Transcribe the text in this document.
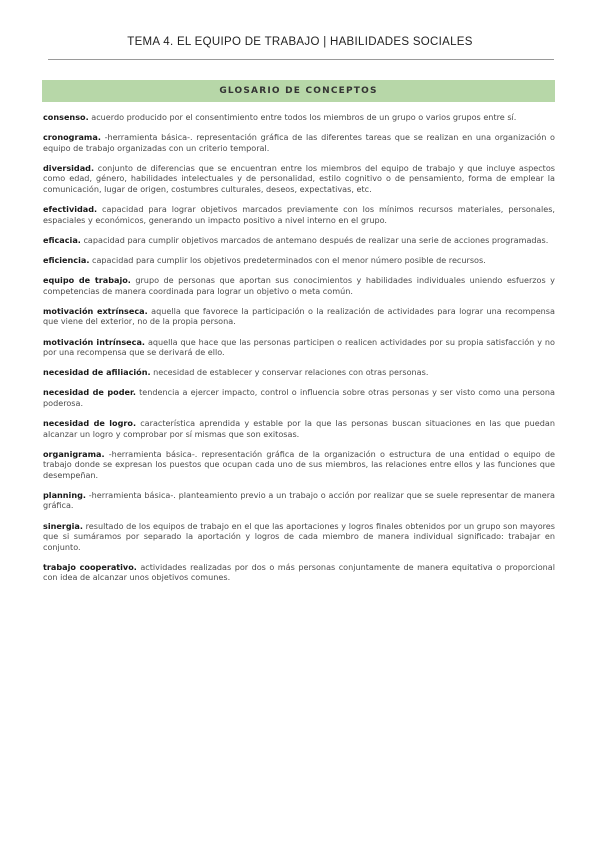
TEMA 4. EL EQUIPO DE TRABAJO | HABILIDADES SOCIALES
GLOSARIO DE CONCEPTOS

consenso. acuerdo producido por el consentimiento entre todos los miembros de un grupo o varios grupos entre sí.

cronograma. -herramienta básica-. representación gráfica de las diferentes tareas que se realizan en una organización o equipo de trabajo organizadas con un criterio temporal.

diversidad. conjunto de diferencias que se encuentran entre los miembros del equipo de trabajo y que incluye aspectos como edad, género, habilidades intelectuales y de personalidad, estilo cognitivo o de pensamiento, forma de emplear la comunicación, lugar de origen, costumbres culturales, deseos, expectativas, etc.

efectividad. capacidad para lograr objetivos marcados previamente con los mínimos recursos materiales, personales, espaciales y económicos, generando un impacto positivo a nivel interno en el grupo.

eficacia. capacidad para cumplir objetivos marcados de antemano después de realizar una serie de acciones programadas.

eficiencia. capacidad para cumplir los objetivos predeterminados con el menor número posible de recursos.

equipo de trabajo. grupo de personas que aportan sus conocimientos y habilidades individuales uniendo esfuerzos y competencias de manera coordinada para lograr un objetivo o meta común.

motivación extrínseca. aquella que favorece la participación o la realización de actividades para lograr una recompensa que viene del exterior, no de la propia persona.

motivación intrínseca. aquella que hace que las personas participen o realicen actividades por su propia satisfacción y no por una recompensa que se derivará de ello.

necesidad de afiliación. necesidad de establecer y conservar relaciones con otras personas.

necesidad de poder. tendencia a ejercer impacto, control o influencia sobre otras personas y ser visto como una persona poderosa.

necesidad de logro. característica aprendida y estable por la que las personas buscan situaciones en las que puedan alcanzar un logro y comprobar por sí mismas que son exitosas.

organigrama. -herramienta básica-. representación gráfica de la organización o estructura de una entidad o equipo de trabajo donde se expresan los puestos que ocupan cada uno de sus miembros, las relaciones entre ellos y las funciones que desempeñan.

planning. -herramienta básica-. planteamiento previo a un trabajo o acción por realizar que se suele representar de manera gráfica.

sinergia. resultado de los equipos de trabajo en el que las aportaciones y logros finales obtenidos por un grupo son mayores que si sumáramos por separado la aportación y logros de cada miembro de manera individual significado: trabajar en conjunto.

trabajo cooperativo. actividades realizadas por dos o más personas conjuntamente de manera equitativa o proporcional con idea de alcanzar unos objetivos comunes.
